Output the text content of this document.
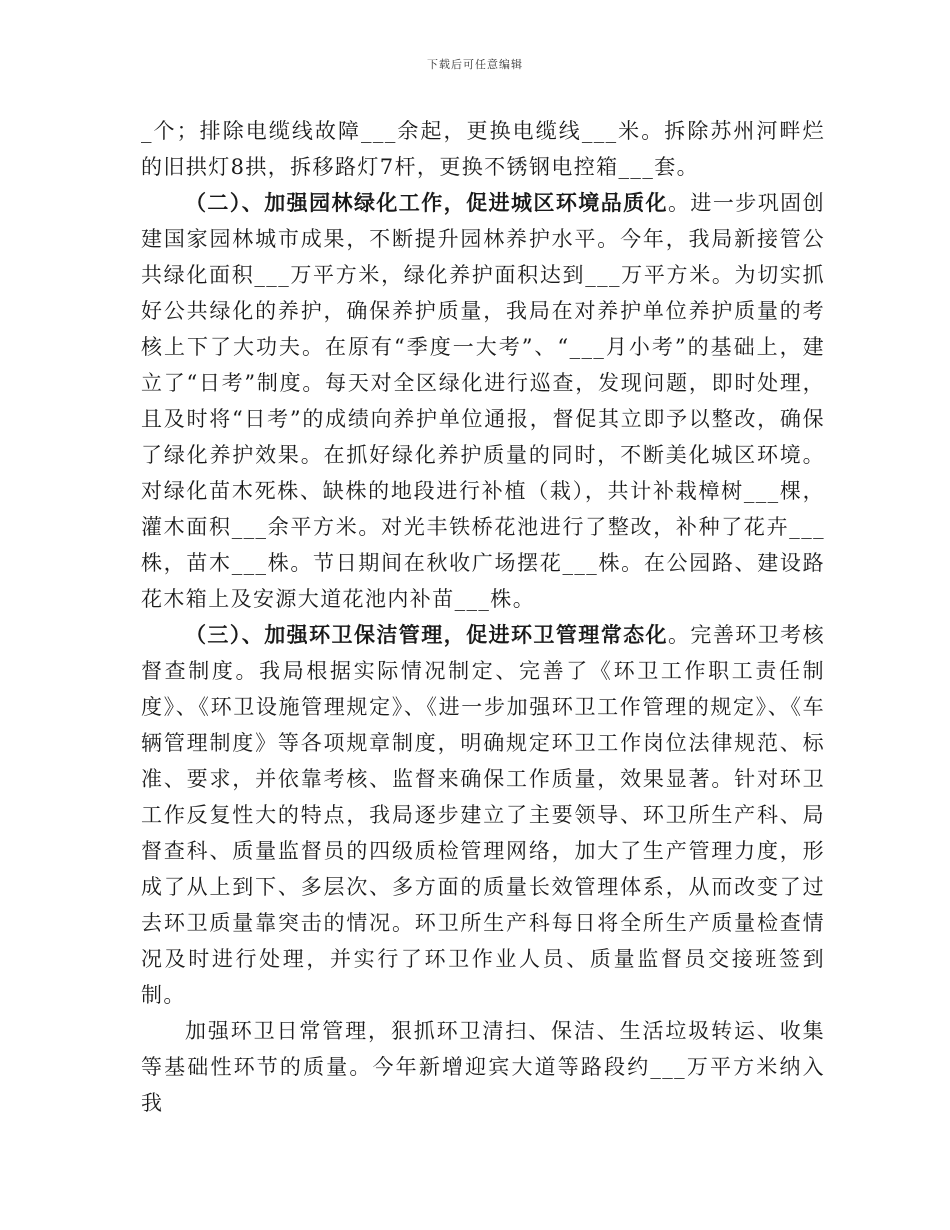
下载后可任意编辑

_个；排除电缆线故障___余起，更换电缆线___米。拆除苏州河畔烂的旧拱灯8拱，拆移路灯7杆，更换不锈钢电控箱___套。

（二）、加强园林绿化工作，促进城区环境品质化。进一步巩固创建国家园林城市成果，不断提升园林养护水平。今年，我局新接管公共绿化面积___万平方米，绿化养护面积达到___万平方米。为切实抓好公共绿化的养护，确保养护质量，我局在对养护单位养护质量的考核上下了大功夫。在原有“季度一大考”、“___月小考”的基础上，建立了“日考”制度。每天对全区绿化进行巡查，发现问题，即时处理，且及时将“日考”的成绩向养护单位通报，督促其立即予以整改，确保了绿化养护效果。在抓好绿化养护质量的同时，不断美化城区环境。对绿化苗木死株、缺株的地段进行补植（栽），共计补栽樟树___棵，灌木面积___余平方米。对光丰铁桥花池进行了整改，补种了花卉___株，苗木___株。节日期间在秋收广场摆花___株。在公园路、建设路花木箱上及安源大道花池内补苗___株。

（三）、加强环卫保洁管理，促进环卫管理常态化。完善环卫考核督查制度。我局根据实际情况制定、完善了《环卫工作职工责任制度》、《环卫设施管理规定》、《进一步加强环卫工作管理的规定》、《车辆管理制度》等各项规章制度，明确规定环卫工作岗位法律规范、标准、要求，并依靠考核、监督来确保工作质量，效果显著。针对环卫工作反复性大的特点，我局逐步建立了主要领导、环卫所生产科、局督查科、质量监督员的四级质检管理网络，加大了生产管理力度，形成了从上到下、多层次、多方面的质量长效管理体系，从而改变了过去环卫质量靠突击的情况。环卫所生产科每日将全所生产质量检查情况及时进行处理，并实行了环卫作业人员、质量监督员交接班签到制。

加强环卫日常管理，狠抓环卫清扫、保洁、生活垃圾转运、收集等基础性环节的质量。今年新增迎宾大道等路段约___万平方米纳入我
